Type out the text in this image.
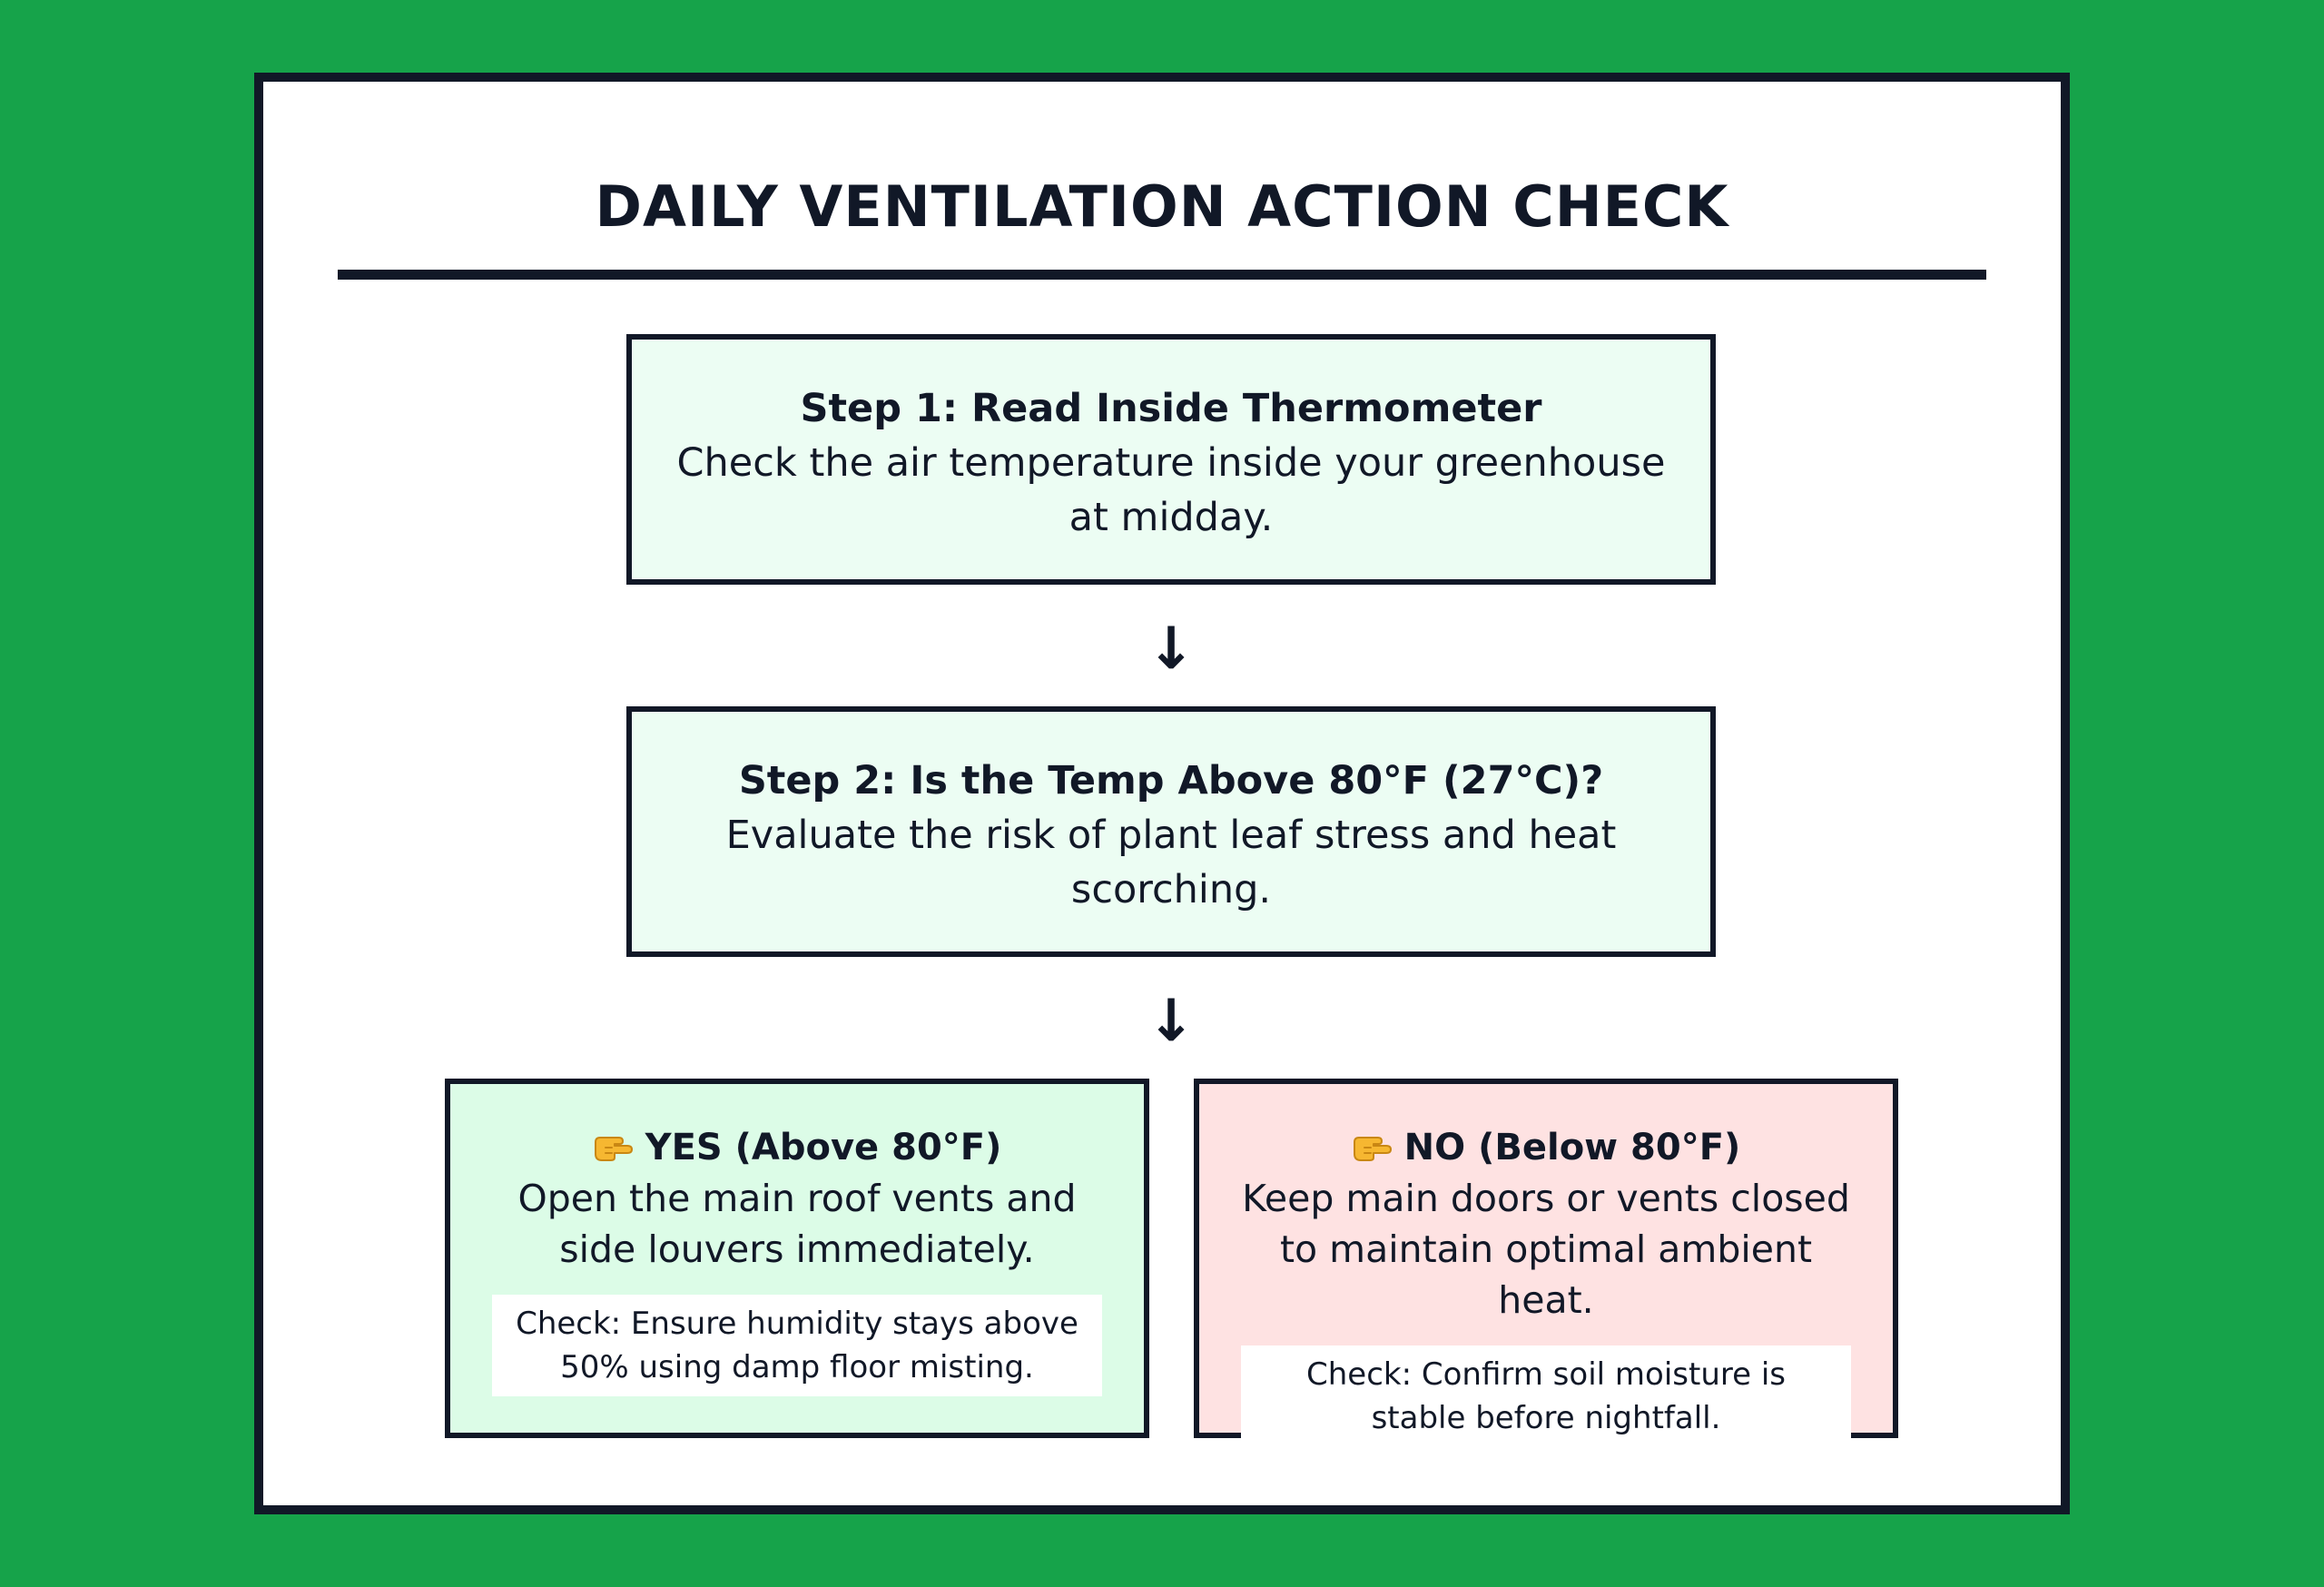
DAILY VENTILATION ACTION CHECK
Step 1: Read Inside Thermometer
Check the air temperature inside your greenhouse at midday.
↓
Step 2: Is the Temp Above 80°F (27°C)?
Evaluate the risk of plant leaf stress and heat scorching.
↓
YES (Above 80°F)
Open the main roof vents and side louvers immediately.
Check: Ensure humidity stays above 50% using damp floor misting.
NO (Below 80°F)
Keep main doors or vents closed to maintain optimal ambient heat.
Check: Confirm soil moisture is stable before nightfall.
